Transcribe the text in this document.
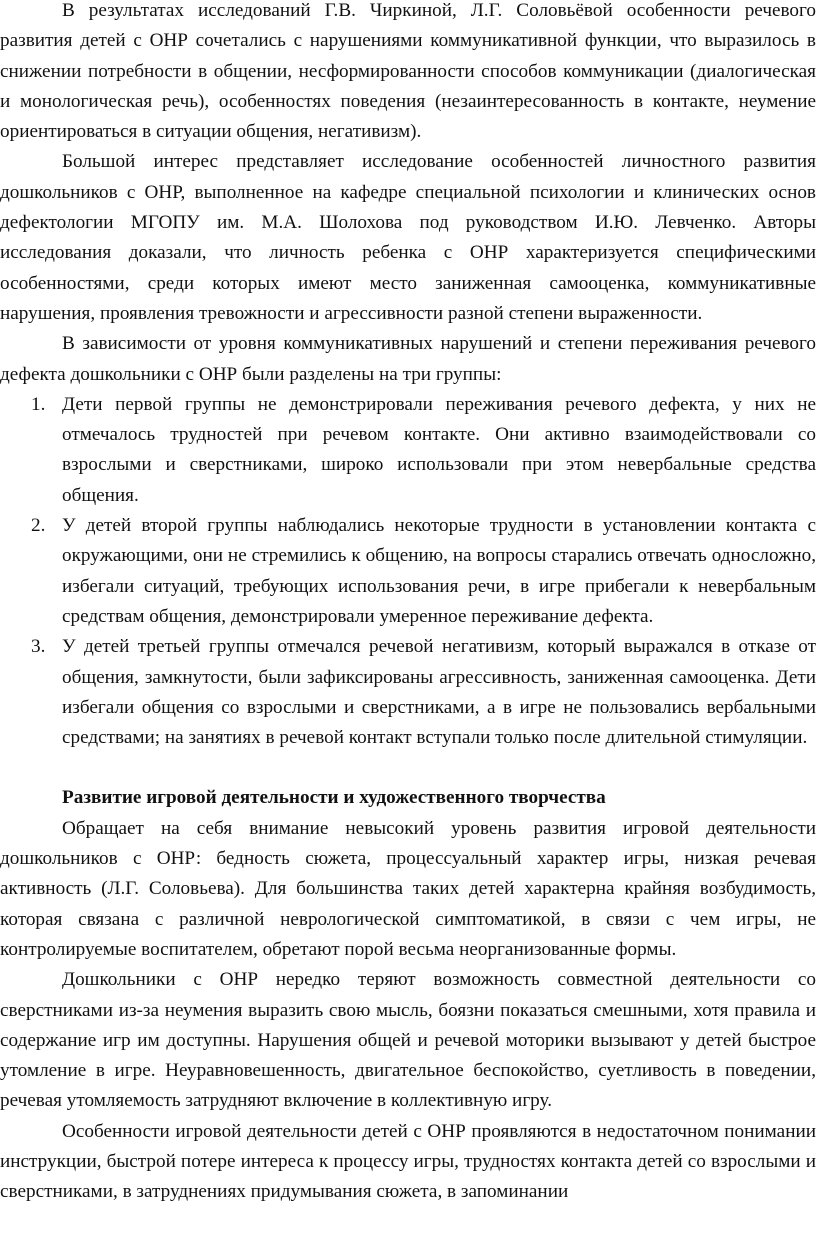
В результатах исследований Г.В. Чиркиной, Л.Г. Соловьёвой особенности речевого развития детей с ОНР сочетались с нарушениями коммуникативной функции, что выразилось в снижении потребности в общении, несформированности способов коммуникации (диалогическая и монологическая речь), особенностях поведения (незаинтересованность в контакте, неумение ориентироваться в ситуации общения, негативизм).

Большой интерес представляет исследование особенностей личностного развития дошкольников с ОНР, выполненное на кафедре специальной психологии и клинических основ дефектологии МГОПУ им. М.А. Шолохова под руководством И.Ю. Левченко. Авторы исследования доказали, что личность ребенка с ОНР характеризуется специфическими особенностями, среди которых имеют место заниженная самооценка, коммуникативные нарушения, проявления тревожности и агрессивности разной степени выраженности.

В зависимости от уровня коммуникативных нарушений и степени переживания речевого дефекта дошкольники с ОНР были разделены на три группы:

1. Дети первой группы не демонстрировали переживания речевого дефекта, у них не отмечалось трудностей при речевом контакте. Они активно взаимодействовали со взрослыми и сверстниками, широко использовали при этом невербальные средства общения.
2. У детей второй группы наблюдались некоторые трудности в установлении контакта с окружающими, они не стремились к общению, на вопросы старались отвечать односложно, избегали ситуаций, требующих использования речи, в игре прибегали к невербальным средствам общения, демонстрировали умеренное переживание дефекта.
3. У детей третьей группы отмечался речевой негативизм, который выражался в отказе от общения, замкнутости, были зафиксированы агрессивность, заниженная самооценка. Дети избегали общения со взрослыми и сверстниками, а в игре не пользовались вербальными средствами; на занятиях в речевой контакт вступали только после длительной стимуляции.

Развитие игровой деятельности и художественного творчества

Обращает на себя внимание невысокий уровень развития игровой деятельности дошкольников с ОНР: бедность сюжета, процессуальный характер игры, низкая речевая активность (Л.Г. Соловьева). Для большинства таких детей характерна крайняя возбудимость, которая связана с различной неврологической симптоматикой, в связи с чем игры, не контролируемые воспитателем, обретают порой весьма неорганизованные формы.

Дошкольники с ОНР нередко теряют возможность совместной деятельности со сверстниками из-за неумения выразить свою мысль, боязни показаться смешными, хотя правила и содержание игр им доступны. Нарушения общей и речевой моторики вызывают у детей быстрое утомление в игре. Неуравновешенность, двигательное беспокойство, суетливость в поведении, речевая утомляемость затрудняют включение в коллективную игру.

Особенности игровой деятельности детей с ОНР проявляются в недостаточном понимании инструкции, быстрой потере интереса к процессу игры, трудностях контакта детей со взрослыми и сверстниками, в затруднениях придумывания сюжета, в запоминании
